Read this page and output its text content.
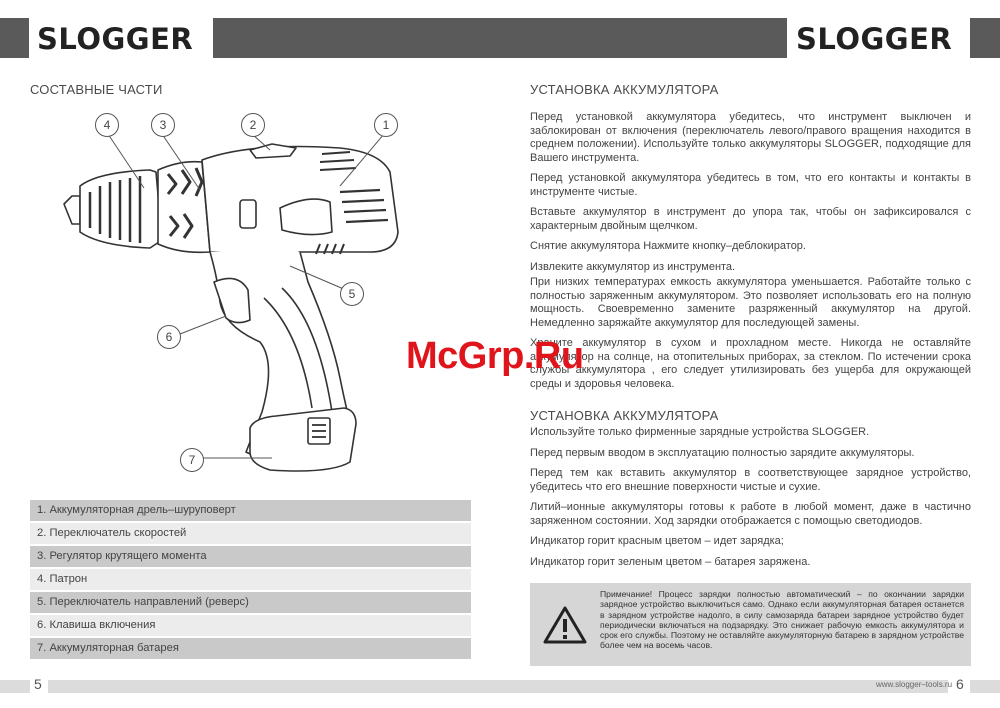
SLOGGER	SLOGGER
СОСТАВНЫЕ ЧАСТИ
1
2
3
4
5
6
7
1. Аккумуляторная дрель–шуруповерт
2. Переключатель скоростей
3. Регулятор крутящего момента
4. Патрон
5. Переключатель направлений (реверс)
6. Клавиша включения
7. Аккумуляторная батарея
УСТАНОВКА АККУМУЛЯТОРА

Перед установкой аккумулятора убедитесь, что инструмент выключен и заблокирован от включения (переключатель левого/правого вращения находится в среднем положении). Используйте только аккумуляторы SLOGGER, подходящие для Вашего инструмента.

Перед установкой аккумулятора убедитесь в том, что его контакты и контакты в инструменте чистые.

Вставьте аккумулятор в инструмент до упора так, чтобы он зафиксировался с характерным двойным щелчком.

Снятие аккумулятора Нажмите кнопку–деблокиратор.

Извлеките аккумулятор из инструмента.

При низких температурах емкость аккумулятора уменьшается. Работайте только с полностью заряженным аккумулятором. Это позволяет использовать его на полную мощность. Своевременно замените разряженный аккумулятор на другой. Немедленно заряжайте аккумулятор для последующей замены.

Храните аккумулятор в сухом и прохладном месте. Никогда не оставляйте аккумулятор на солнце, на отопительных приборах, за стеклом. По истечении срока службы аккумулятора , его следует утилизировать без ущерба для окружающей среды и здоровья человека.

УСТАНОВКА АККУМУЛЯТОРА

Используйте только фирменные зарядные устройства SLOGGER.

Перед первым вводом в эксплуатацию полностью зарядите аккумуляторы.

Перед тем как вставить аккумулятор в соответствующее зарядное устройство, убедитесь что его внешние поверхности чистые и сухие.

Литий–ионные аккумуляторы готовы к работе в любой момент, даже в частично заряженном состоянии. Ход зарядки отображается с помощью светодиодов.

Индикатор горит красным цветом – идет зарядка;

Индикатор горит зеленым цветом – батарея заряжена.

Примечание! Процесс зарядки полностью автоматический – по окончании зарядки зарядное устройство выключиться само. Однако если аккумуляторная батарея останется в зарядном устройстве надолго, в силу самозаряда батареи зарядное устройство будет периодически включаться на подзарядку. Это снижает рабочую емкость аккумулятора и срок его службы. Поэтому не оставляйте аккумуляторную батарею в зарядном устройстве более чем на восемь часов.
5	www.slogger–tools.ru 6
McGrp.Ru
